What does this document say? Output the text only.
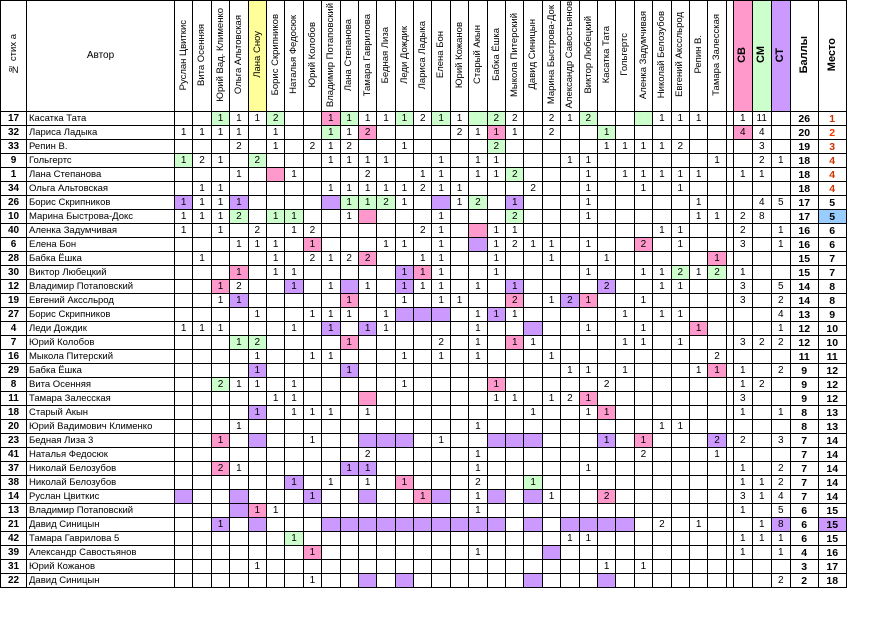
№ стих а	Автор	Руслан Цвиткис	Вита Осенняя	Юрий Вад. Клименко	Ольга Альтовская	Лана Сноу	Борис Скрипников	Наталья Федосюк	Юрий Колобов	Владимир Потаповский	Лана Степанова	Тамара Гаврилова	Бедная Лиза	Леди Дождик	Лариса Ладыка	Елена Бон	Юрий Кожанов	Старый Акын	Бабка Ёшка	Мыкола Питерский	Давид Синицын	Марина Быстрова-Док	Александр Савостьянов	Виктор Любецкий	Касатка Тата	Гольгертс	Аленка Задумчивая	Николай Белозубов	Евгений Акссльрод	Репин В.	Тамара Залесская		СВ	СМ	СТ	Баллы	Место
17	Касатка Тата			1	1	1	2			1	1	1	1	1	2	1	1		2	2		2	1	2				1	1	1			1	11		26	1
32	Лариса Ладыка	1	1	1	1		1			1	1	2					2	1	1	1		2			1								4	4		20	2
33	Репин В.				2		1		2	1	2			1					2						1	1	1	1	2					3		19	3
9	Гольгертс	1	2	1		2				1	1	1	1			1		1	1				1	1							1			2	1	18	4
1	Лана Степанова				1			1				2			1	1		1	1	2				1		1	1	1	1	1			1	1		18	4
34	Ольга Альтовская		1	1						1	1	1	1	1	2	1	1				2			1			1		1							18	4
26	Борис Скрипников	1	1	1	1						1	1	2	1			1	2		1				1						1				4	5	17	5
10	Марина Быстрова-Докс	1	1	1	2		1	1			1					1				2				1						1	1		2	8		17	5
40	Аленка Задумчивая	1		1		2		1	2						2	1			1	1								1	1				2		1	16	6
6	Елена Бон				1	1	1		1				1	1		1			1	2	1	1		1			2		1				3		1	16	6
28	Бабка Ёшка		1				1		2	1	2	2			1	1			1			1			1						1					15	7
30	Виктор Любецкий				1		1	1						1	1	1			1					1			1	1	2	1	2		1			15	7
12	Владимир Потаповский			1	2			1		1		1		1	1	1		1		1					2			1	1				3		5	14	8
19	Евгений Акссльрод			1	1						1			1		1	1			2		1	2	1			1						3		2	14	8
27	Борис Скрипников					1			1	1	1		1					1	1	1						1		1	1						4	13	9
4	Леди Дождик	1	1	1				1		1		1	1					1						1			1			1					1	12	10
7	Юрий Колобов				1	2					1					2		1		1	1					1	1		1				3	2	2	12	10
16	Мыкола Питерский					1			1	1				1		1		1				1									2					11	11
29	Бабка Ёшка					1					1												1	1		1				1	1		1		2	9	12
8	Вита Осенняя			2	1	1		1						1					1						2								1	2		9	12
11	Тамара Залесская						1	1											1	1		1	2	1									3			9	12
18	Старый Акын					1		1	1	1		1									1			1	1								1		1	8	13
20	Юрий Вадимович Клименко				1													1										1	1							8	13
23	Бедная Лиза 3			1					1							1									1		1				2		2		3	7	14
41	Наталья Федосюк											2						1									2				1					7	14
37	Николай Белозубов			2	1						1	1						1						1									1		2	7	14
38	Николай Белозубов							1		1		1		1				2			1												1	1	2	7	14
14	Руслан Цвиткис								1						1			1				1			2								3	1	4	7	14
13	Владимир Потаповский					1	1											1															1		5	6	15
21	Давид Синицын			1																								2		1				1	8	6	15
42	Тамара Гаврилова 5							1															1	1									1	1	1	6	15
39	Александр Савостьянов								1									1															1		1	4	16
31	Юрий Кожанов					1																			1		1									3	17
22	Давид Синицын								1																										2	2	18
